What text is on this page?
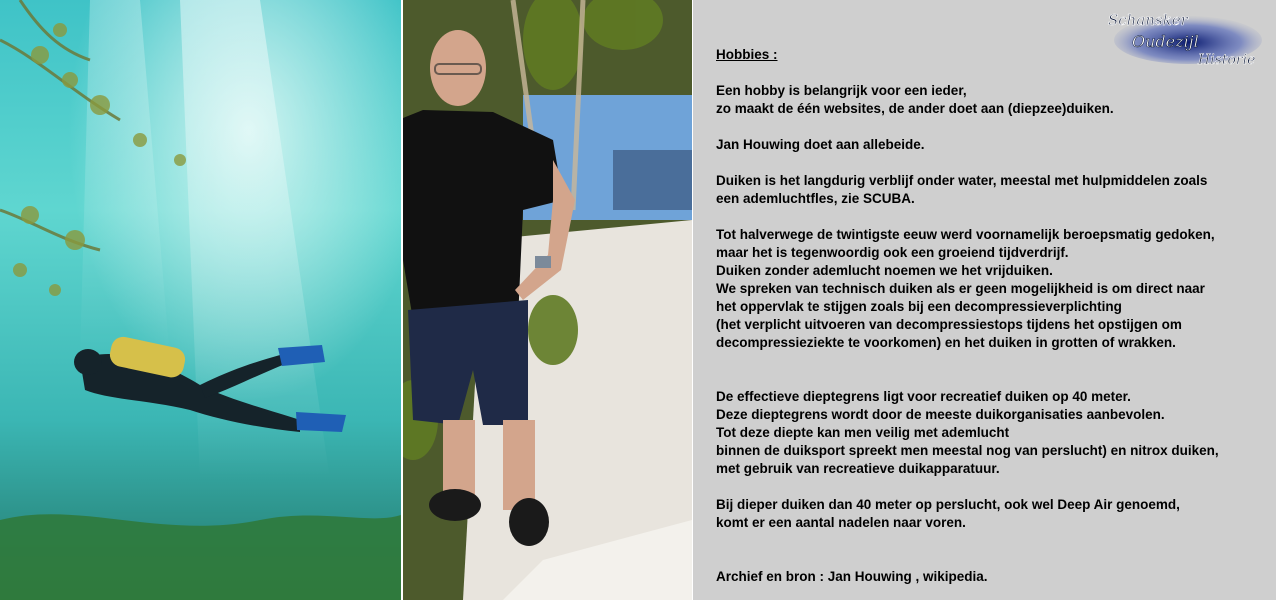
Schansker
Oudezijl
Historie
Hobbies :
Een hobby is belangrijk voor een ieder,
zo maakt de één websites, de ander doet aan (diepzee)duiken.
Jan Houwing doet aan allebeide.
Duiken is het langdurig verblijf onder water, meestal met hulpmiddelen zoals
een ademluchtfles, zie SCUBA.
Tot halverwege de twintigste eeuw werd voornamelijk beroepsmatig gedoken,
maar het is tegenwoordig ook een groeiend tijdverdrijf.
Duiken zonder ademlucht noemen we het vrijduiken.
We spreken van technisch duiken als er geen mogelijkheid is om direct naar
het oppervlak te stijgen zoals bij een decompressieverplichting
(het verplicht uitvoeren van decompressiestops tijdens het opstijgen om
decompressieziekte te voorkomen) en het duiken in grotten of wrakken.
De effectieve dieptegrens ligt voor recreatief duiken op 40 meter.
Deze dieptegrens wordt door de meeste duikorganisaties aanbevolen.
Tot deze diepte kan men veilig met ademlucht
binnen de duiksport spreekt men meestal nog van perslucht) en nitrox duiken,
met gebruik van recreatieve duikapparatuur.
Bij dieper duiken dan 40 meter op perslucht, ook wel Deep Air genoemd,
komt er een aantal nadelen naar voren.
Archief en bron : Jan Houwing , wikipedia.
